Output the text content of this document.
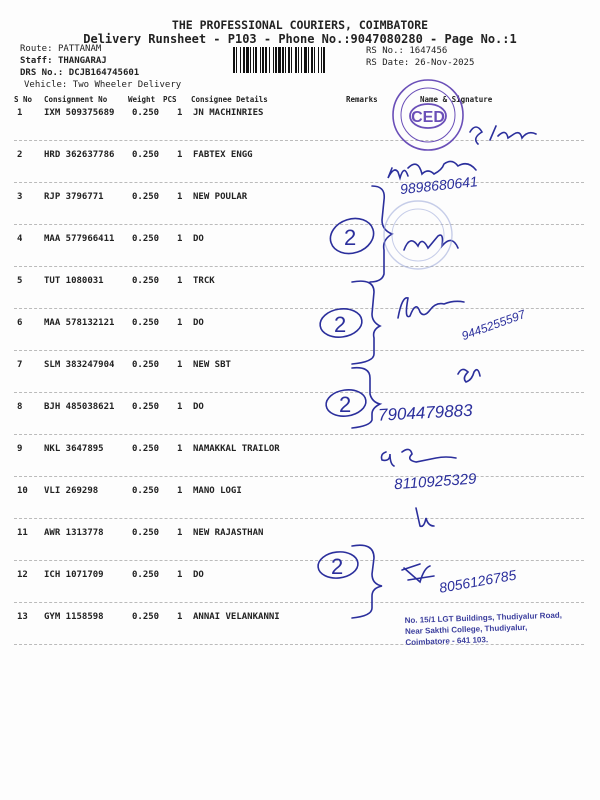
THE PROFESSIONAL COURIERS, COIMBATORE
Delivery Runsheet - P103 - Phone No.:9047080280 - Page No.:1
Route: PATTANAM
Staff: THANGARAJ
DRS No.: DCJB164745601
Vehicle: Two Wheeler Delivery
RS No.: 1647456
RS Date: 26-Nov-2025
S No Consignment No	Weight PCS Consignee Details	Remarks	Name & Signature
1 IXM 509375689 0.250 1 JN MACHINRIES
2 HRD 362637786 0.250 1 FABTEX ENGG
3 RJP 3796771	0.250 1 NEW POULAR
4 MAA 577966411 0.250 1 DO
5 TUT 1080031	0.250 1 TRCK
6 MAA 578132121 0.250 1 DO
7 SLM 383247904 0.250 1 NEW SBT
8 BJH 485038621 0.250 1 DO
9 NKL 3647895	0.250 1 NAMAKKAL TRAILOR
10 VLI 269298	0.250 1 MANO LOGI
11 AWR 1313778	0.250 1 NEW RAJASTHAN
12 ICH 1071709	0.250 1 DO
13 GYM 1158598	0.250 1 ANNAI VELANKANNI
CED
2
2
2
2
9898680641
9445255597
7904479883
8110925329
8056126785
No. 15/1 LGT Buildings, Thudiyalur Road,
Near Sakthi College, Thudiyalur,
Coimbatore - 641 103.
